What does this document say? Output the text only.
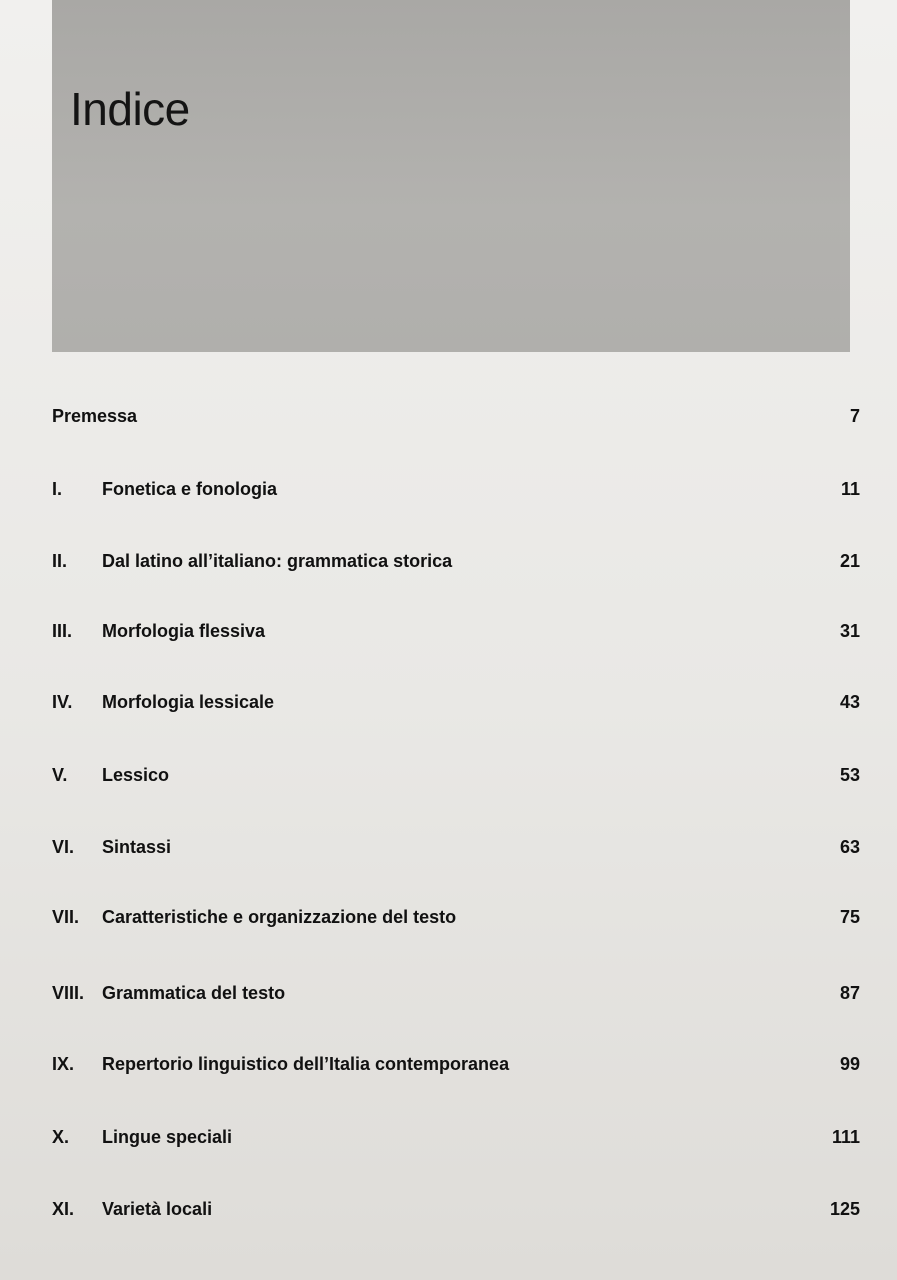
Indice
Premessa	7
I. Fonetica e fonologia	11
II. Dal latino all’italiano: grammatica storica	21
III. Morfologia flessiva	31
IV. Morfologia lessicale	43
V. Lessico	53
VI. Sintassi	63
VII. Caratteristiche e organizzazione del testo	75
VIII. Grammatica del testo	87
IX. Repertorio linguistico dell’Italia contemporanea	99
X. Lingue speciali	111
XI. Varietà locali	125
